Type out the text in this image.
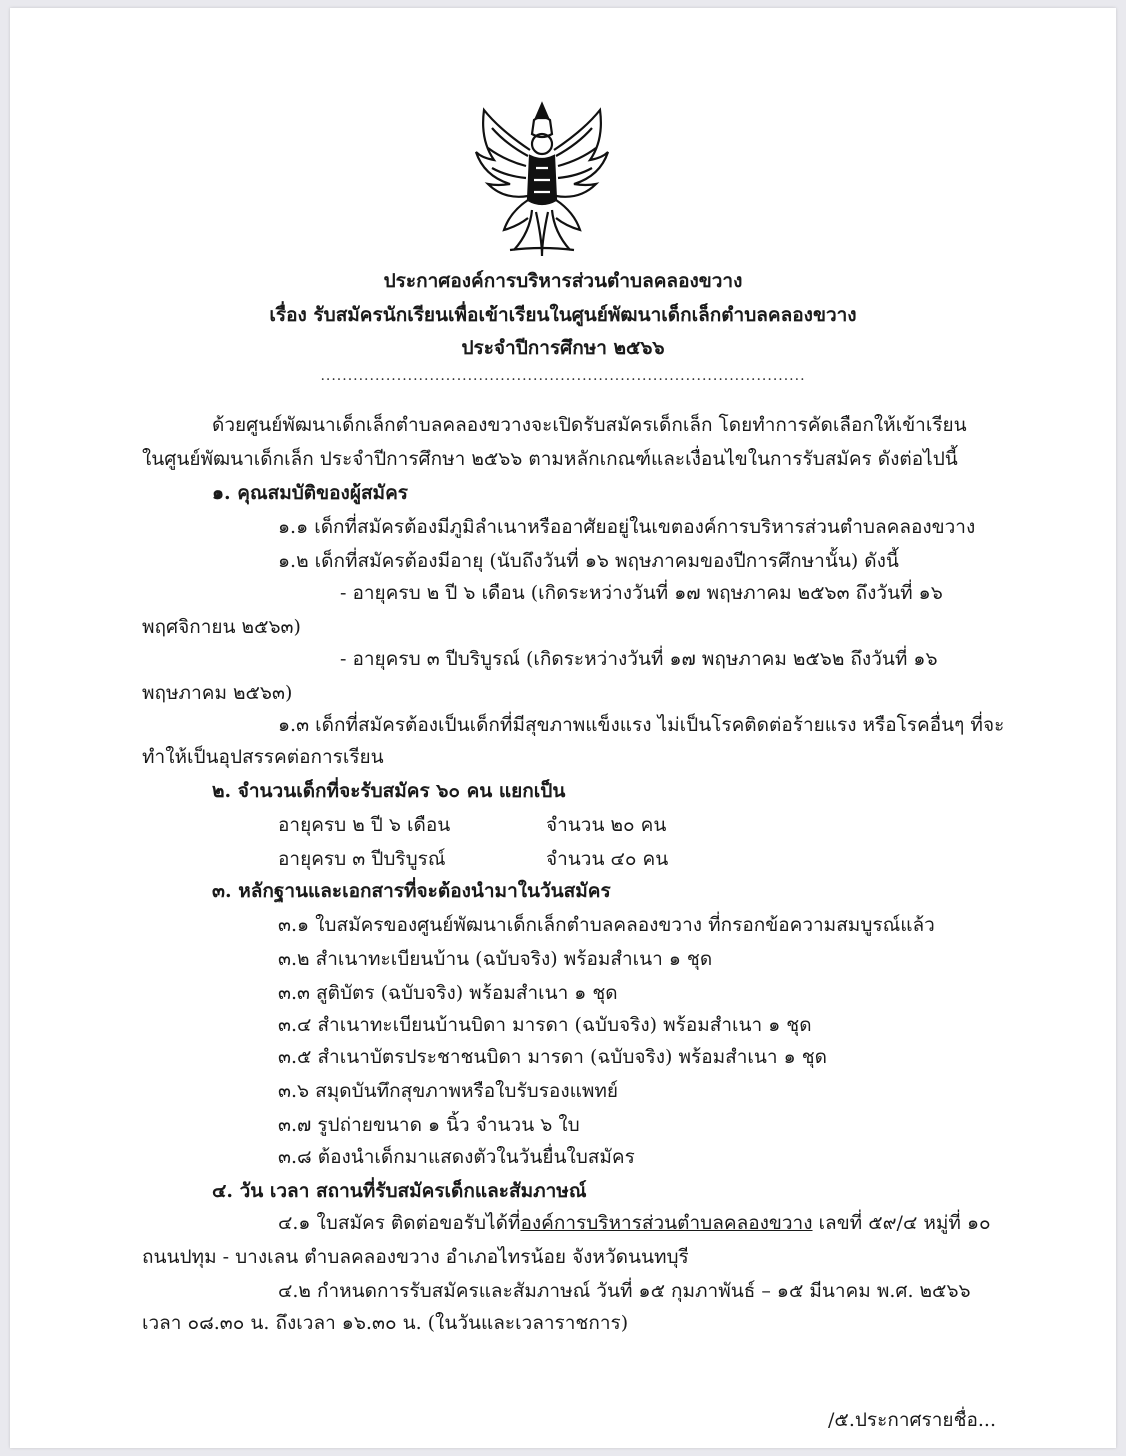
ประกาศองค์การบริหารส่วนตำบลคลองขวาง
เรื่อง รับสมัครนักเรียนเพื่อเข้าเรียนในศูนย์พัฒนาเด็กเล็กตำบลคลองขวาง
ประจำปีการศึกษา ๒๕๖๖
.........................................................................................
ด้วยศูนย์พัฒนาเด็กเล็กตำบลคลองขวางจะเปิดรับสมัครเด็กเล็ก โดยทำการคัดเลือกให้เข้าเรียน
ในศูนย์พัฒนาเด็กเล็ก ประจำปีการศึกษา ๒๕๖๖ ตามหลักเกณฑ์และเงื่อนไขในการรับสมัคร ดังต่อไปนี้
๑. คุณสมบัติของผู้สมัคร
๑.๑ เด็กที่สมัครต้องมีภูมิลำเนาหรืออาศัยอยู่ในเขตองค์การบริหารส่วนตำบลคลองขวาง
๑.๒ เด็กที่สมัครต้องมีอายุ (นับถึงวันที่ ๑๖ พฤษภาคมของปีการศึกษานั้น) ดังนี้
- อายุครบ ๒ ปี ๖ เดือน (เกิดระหว่างวันที่ ๑๗ พฤษภาคม ๒๕๖๓ ถึงวันที่ ๑๖
พฤศจิกายน ๒๕๖๓)
- อายุครบ ๓ ปีบริบูรณ์ (เกิดระหว่างวันที่ ๑๗ พฤษภาคม ๒๕๖๒ ถึงวันที่ ๑๖
พฤษภาคม ๒๕๖๓)
๑.๓ เด็กที่สมัครต้องเป็นเด็กที่มีสุขภาพแข็งแรง ไม่เป็นโรคติดต่อร้ายแรง หรือโรคอื่นๆ ที่จะ
ทำให้เป็นอุปสรรคต่อการเรียน
๒. จำนวนเด็กที่จะรับสมัคร ๖๐ คน แยกเป็น
อายุครบ ๒ ปี ๖ เดือน	จำนวน ๒๐ คน
อายุครบ ๓ ปีบริบูรณ์	จำนวน ๔๐ คน
๓. หลักฐานและเอกสารที่จะต้องนำมาในวันสมัคร
๓.๑ ใบสมัครของศูนย์พัฒนาเด็กเล็กตำบลคลองขวาง ที่กรอกข้อความสมบูรณ์แล้ว
๓.๒ สำเนาทะเบียนบ้าน (ฉบับจริง) พร้อมสำเนา ๑ ชุด
๓.๓ สูติบัตร (ฉบับจริง) พร้อมสำเนา ๑ ชุด
๓.๔ สำเนาทะเบียนบ้านบิดา มารดา (ฉบับจริง) พร้อมสำเนา ๑ ชุด
๓.๕ สำเนาบัตรประชาชนบิดา มารดา (ฉบับจริง) พร้อมสำเนา ๑ ชุด
๓.๖ สมุดบันทึกสุขภาพหรือใบรับรองแพทย์
๓.๗ รูปถ่ายขนาด ๑ นิ้ว จำนวน ๖ ใบ
๓.๘ ต้องนำเด็กมาแสดงตัวในวันยื่นใบสมัคร
๔. วัน เวลา สถานที่รับสมัครเด็กและสัมภาษณ์
๔.๑ ใบสมัคร ติดต่อขอรับได้ที่องค์การบริหารส่วนตำบลคลองขวาง เลขที่ ๕๙/๔ หมู่ที่ ๑๐
ถนนปทุม - บางเลน ตำบลคลองขวาง อำเภอไทรน้อย จังหวัดนนทบุรี
๔.๒ กำหนดการรับสมัครและสัมภาษณ์ วันที่ ๑๕ กุมภาพันธ์ – ๑๕ มีนาคม พ.ศ. ๒๕๖๖
เวลา ๐๘.๓๐ น. ถึงเวลา ๑๖.๓๐ น. (ในวันและเวลาราชการ)
/๕.ประกาศรายชื่อ...
